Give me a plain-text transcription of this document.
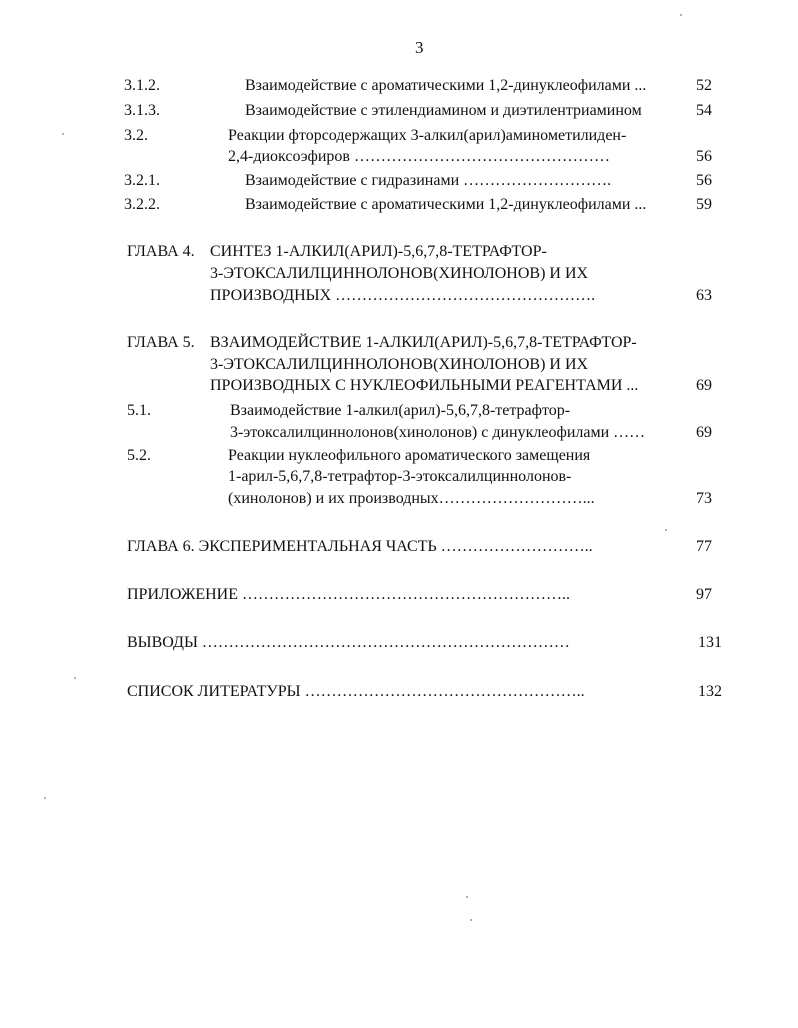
3
3.1.2.	Взаимодействие с ароматическими 1,2-динуклеофилами ...	52
3.1.3.	Взаимодействие с этилендиамином и диэтилентриамином	54
3.2.	Реакции фторсодержащих 3-алкил(арил)аминометилиден-
2,4-диоксоэфиров …………………………………………	56
3.2.1.	Взаимодействие с гидразинами ……………………….	56
3.2.2.	Взаимодействие с ароматическими 1,2-динуклеофилами ...	59
ГЛАВА 4. СИНТЕЗ 1-АЛКИЛ(АРИЛ)-5,6,7,8-ТЕТРАФТОР-
3-ЭТОКСАЛИЛЦИННОЛОНОВ(ХИНОЛОНОВ) И ИХ
ПРОИЗВОДНЫХ ………………………………………….	63
ГЛАВА 5. ВЗАИМОДЕЙСТВИЕ 1-АЛКИЛ(АРИЛ)-5,6,7,8-ТЕТРАФТОР-
3-ЭТОКСАЛИЛЦИННОЛОНОВ(ХИНОЛОНОВ) И ИХ
ПРОИЗВОДНЫХ С НУКЛЕОФИЛЬНЫМИ РЕАГЕНТАМИ ...	69
5.1.	Взаимодействие 1-алкил(арил)-5,6,7,8-тетрафтор-
3-этоксалилциннолонов(хинолонов) с динуклеофилами ……	69
5.2.	Реакции нуклеофильного ароматического замещения
1-арил-5,6,7,8-тетрафтор-3-этоксалилциннолонов-
(хинолонов) и их производных………………………...	73
ГЛАВА 6. ЭКСПЕРИМЕНТАЛЬНАЯ ЧАСТЬ ………………………..	77
ПРИЛОЖЕНИЕ ……………………………………………………..	97
ВЫВОДЫ ……………………………………………………………	131
СПИСОК ЛИТЕРАТУРЫ ……………………………………………..	132
